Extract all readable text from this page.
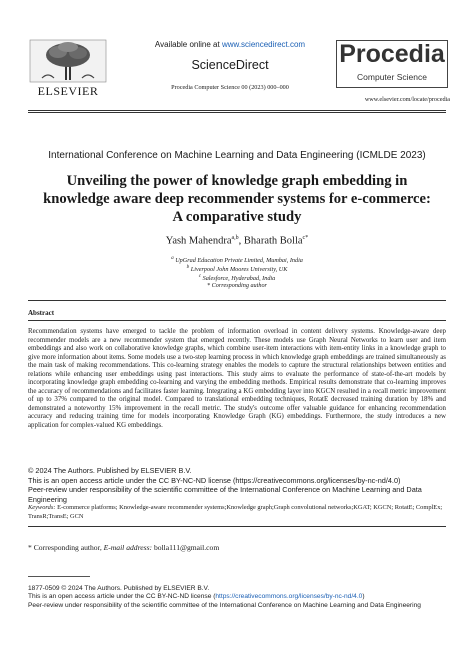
ELSEVIER
Available online at www.sciencedirect.com
ScienceDirect
Procedia Computer Science 00 (2023) 000–000
Procedia
Computer Science
www.elsevier.com/locate/procedia
International Conference on Machine Learning and Data Engineering (ICMLDE 2023)
Unveiling the power of knowledge graph embedding in
knowledge aware deep recommender systems for e-commerce:
A comparative study
Yash Mahendra$^{a,b}$, Bharath Bolla$^{c*}$
$^a$ UpGrad Education Private Limited, Mumbai, India
$^b$ Liverpool John Moores University, UK
$^c$ Salesforce, Hyderabad, India
* Corresponding author
Abstract
Recommendation systems have emerged to tackle the problem of information overload in content delivery systems. Knowledge-aware deep recommender models are a new recommender system that emerged recently. These models use Graph Neural Networks to learn user and item embeddings and also work on collaborative knowledge graphs, which combine user-item interactions with item-entity links in a knowledge graph to give more information about items. Some models use a two-step learning process in which knowledge graph embeddings are trained simultaneously as the main task of making recommendations. This co-learning strategy enables the models to capture the structural relationships between entities and relations while enhancing user embeddings using past interactions. This study aims to evaluate the performance of state-of-the-art models by incorporating knowledge graph embedding co-learning and varying the embedding methods. Empirical results demonstrate that co-learning improves the accuracy of recommendations and facilitates faster learning. Integrating a KG embedding layer into KGCN resulted in a recall metric improvement of up to 37% compared to the original model. Compared to translational embedding techniques, RotatE decreased training duration by 18% and demonstrated a noteworthy 15% improvement in the recall metric. The study's outcome offer valuable guidance for enhancing recommendation accuracy and reducing training time for models incorporating Knowledge Graph (KG) embeddings. Furthermore, the study introduces a new application for complex-valued KG embeddings.
© 2024 The Authors. Published by ELSEVIER B.V.
This is an open access article under the CC BY-NC-ND license (https://creativecommons.org/licenses/by-nc-nd/4.0)
Peer-review under responsibility of the scientific committee of the International Conference on Machine Learning and Data Engineering
Keywords: E-commerce platforms; Knowledge-aware recommender systems;Knowledge graph;Graph convolutional networks;KGAT; KGCN; RotatE; ComplEx; TransR;TransE; GCN
* Corresponding author, E-mail address: bolla111@gmail.com
1877-0509 © 2024 The Authors. Published by ELSEVIER B.V.
This is an open access article under the CC BY-NC-ND license (https://creativecommons.org/licenses/by-nc-nd/4.0)
Peer-review under responsibility of the scientific committee of the International Conference on Machine Learning and Data Engineering
